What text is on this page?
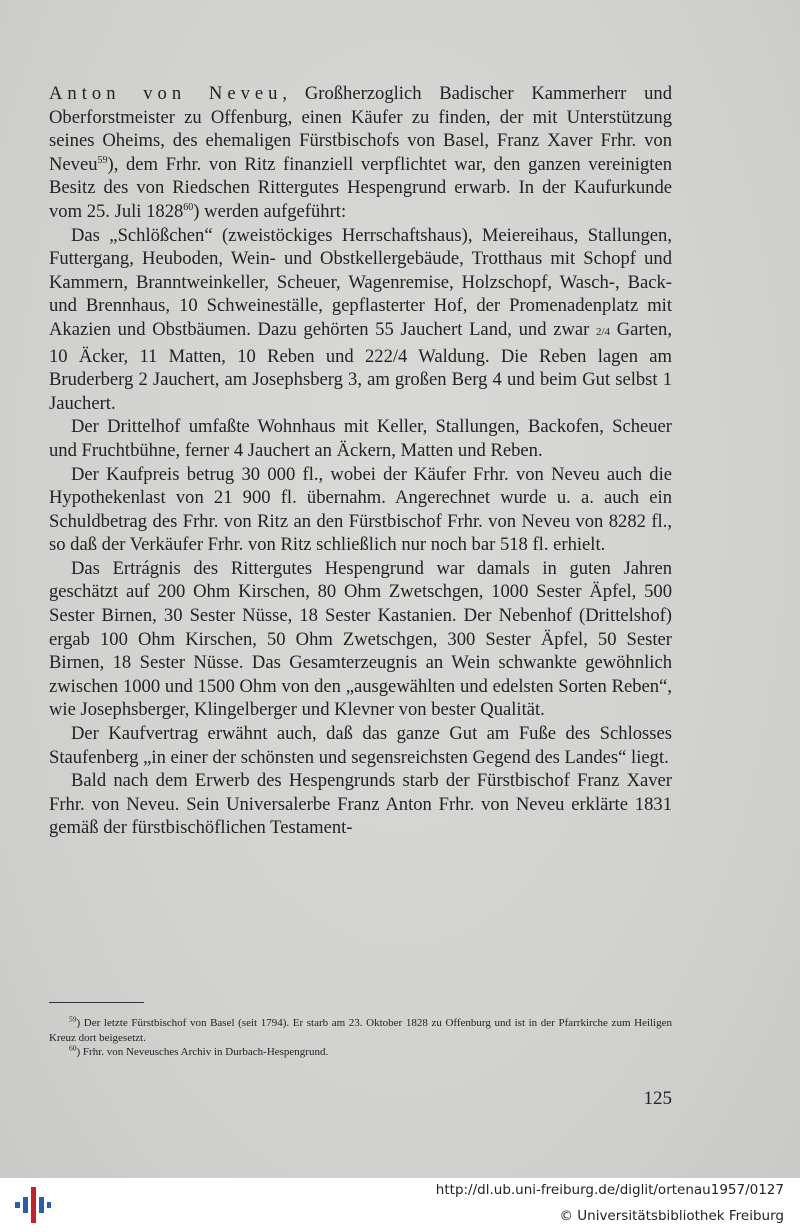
Anton von Neveu, Großherzoglich Badischer Kammerherr und Oberforstmeister zu Offenburg, einen Käufer zu finden, der mit Unterstützung seines Oheims, des ehemaligen Fürstbischofs von Basel, Franz Xaver Frhr. von Neveu$^{59}$), dem Frhr. von Ritz finanziell verpflichtet war, den ganzen vereinigten Besitz des von Riedschen Rittergutes Hespengrund erwarb. In der Kaufurkunde vom 25. Juli 1828$^{60}$) werden aufgeführt:

Das „Schlößchen“ (zweistöckiges Herrschaftshaus), Meiereihaus, Stallungen, Futtergang, Heuboden, Wein- und Obstkellergebäude, Trotthaus mit Schopf und Kammern, Branntweinkeller, Scheuer, Wagenremise, Holzschopf, Wasch-, Back- und Brennhaus, 10 Schweineställe, gepflasterter Hof, der Promenadenplatz mit Akazien und Obstbäumen. Dazu gehörten 55 Jauchert Land, und zwar 2/4 Garten, 10 Äcker, 11 Matten, 10 Reben und 222/4 Waldung. Die Reben lagen am Bruderberg 2 Jauchert, am Josephsberg 3, am großen Berg 4 und beim Gut selbst 1 Jauchert.

Der Drittelhof umfaßte Wohnhaus mit Keller, Stallungen, Backofen, Scheuer und Fruchtbühne, ferner 4 Jauchert an Äckern, Matten und Reben.

Der Kaufpreis betrug 30 000 fl., wobei der Käufer Frhr. von Neveu auch die Hypothekenlast von 21 900 fl. übernahm. Angerechnet wurde u. a. auch ein Schuldbetrag des Frhr. von Ritz an den Fürstbischof Frhr. von Neveu von 8282 fl., so daß der Verkäufer Frhr. von Ritz schließlich nur noch bar 518 fl. erhielt.

Das Ertrágnis des Rittergutes Hespengrund war damals in guten Jahren geschätzt auf 200 Ohm Kirschen, 80 Ohm Zwetschgen, 1000 Sester Äpfel, 500 Sester Birnen, 30 Sester Nüsse, 18 Sester Kastanien. Der Nebenhof (Drittelshof) ergab 100 Ohm Kirschen, 50 Ohm Zwetschgen, 300 Sester Äpfel, 50 Sester Birnen, 18 Sester Nüsse. Das Gesamterzeugnis an Wein schwankte gewöhnlich zwischen 1000 und 1500 Ohm von den „ausgewählten und edelsten Sorten Reben“, wie Josephsberger, Klingelberger und Klevner von bester Qualität.

Der Kaufvertrag erwähnt auch, daß das ganze Gut am Fuße des Schlosses Staufenberg „in einer der schönsten und segensreichsten Gegend des Landes“ liegt.

Bald nach dem Erwerb des Hespengrunds starb der Fürstbischof Franz Xaver Frhr. von Neveu. Sein Universalerbe Franz Anton Frhr. von Neveu erklärte 1831 gemäß der fürstbischöflichen Testament-

$^{59}$) Der letzte Fürstbischof von Basel (seit 1794). Er starb am 23. Oktober 1828 zu Offenburg und ist in der Pfarrkirche zum Heiligen Kreuz dort beigesetzt.

$^{60}$) Frhr. von Neveusches Archiv in Durbach-Hespengrund.

125
http://dl.ub.uni-freiburg.de/diglit/ortenau1957/0127
© Universitätsbibliothek Freiburg
